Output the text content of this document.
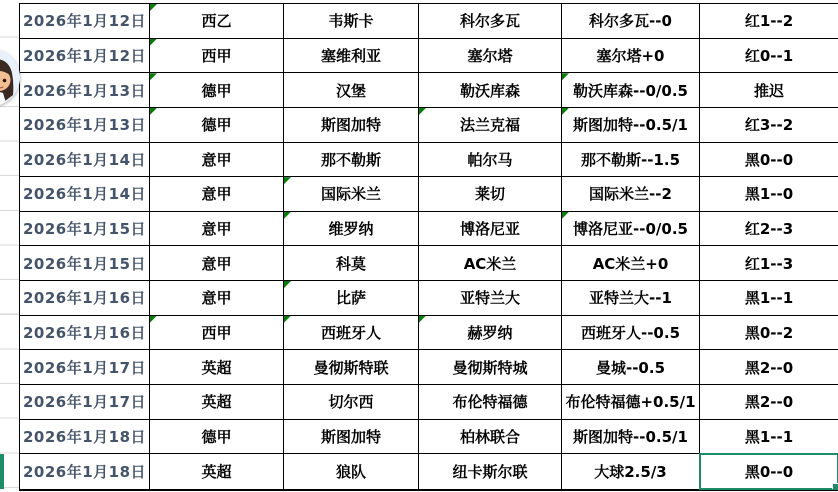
2026年1月12日	西乙	韦斯卡	科尔多瓦	科尔多瓦--0	红1--2
2026年1月12日	西甲	塞维利亚	塞尔塔	塞尔塔+0	红0--1
2026年1月13日	德甲	汉堡	勒沃库森	勒沃库森--0/0.5	推迟
2026年1月13日	德甲	斯图加特	法兰克福	斯图加特--0.5/1	红3--2
2026年1月14日	意甲	那不勒斯	帕尔马	那不勒斯--1.5	黑0--0
2026年1月14日	意甲	国际米兰	莱切	国际米兰--2	黑1--0
2026年1月15日	意甲	维罗纳	博洛尼亚	博洛尼亚--0/0.5	红2--3
2026年1月15日	意甲	科莫	AC米兰	AC米兰+0	红1--3
2026年1月16日	意甲	比萨	亚特兰大	亚特兰大--1	黑1--1
2026年1月16日	西甲	西班牙人	赫罗纳	西班牙人--0.5	黑0--2
2026年1月17日	英超	曼彻斯特联	曼彻斯特城	曼城--0.5	黑2--0
2026年1月17日	英超	切尔西	布伦特福德	布伦特福德+0.5/1	黑2--0
2026年1月18日	德甲	斯图加特	柏林联合	斯图加特--0.5/1	黑1--1
2026年1月18日	英超	狼队	纽卡斯尔联	大球2.5/3	黑0--0
